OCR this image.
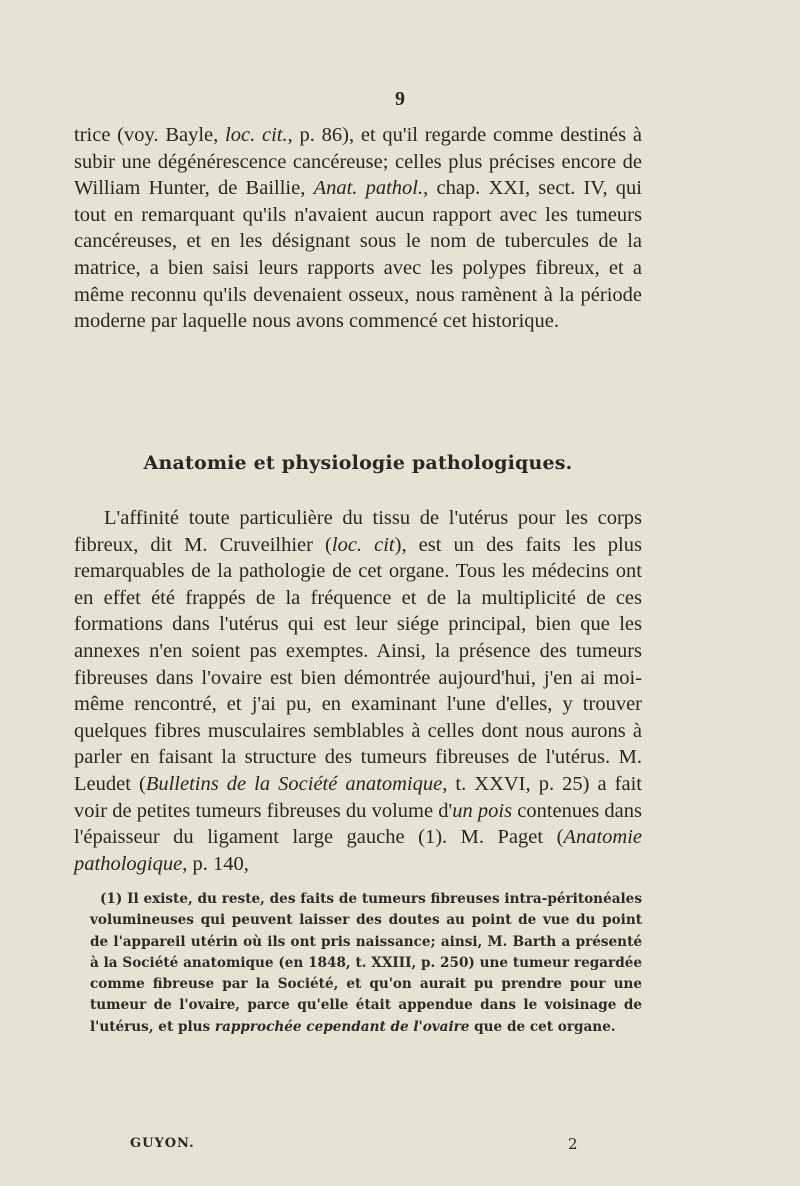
9

trice (voy. Bayle, loc. cit., p. 86), et qu'il regarde comme destinés à subir une dégénérescence cancéreuse; celles plus précises encore de William Hunter, de Baillie, Anat. pathol., chap. XXI, sect. IV, qui tout en remarquant qu'ils n'avaient aucun rapport avec les tumeurs cancéreuses, et en les désignant sous le nom de tubercules de la matrice, a bien saisi leurs rapports avec les polypes fibreux, et a même reconnu qu'ils devenaient osseux, nous ramènent à la période moderne par laquelle nous avons commencé cet historique.

Anatomie et physiologie pathologiques.

L'affinité toute particulière du tissu de l'utérus pour les corps fibreux, dit M. Cruveilhier (loc. cit), est un des faits les plus remarquables de la pathologie de cet organe. Tous les médecins ont en effet été frappés de la fréquence et de la multiplicité de ces formations dans l'utérus qui est leur siége principal, bien que les annexes n'en soient pas exemptes. Ainsi, la présence des tumeurs fibreuses dans l'ovaire est bien démontrée aujourd'hui, j'en ai moi-même rencontré, et j'ai pu, en examinant l'une d'elles, y trouver quelques fibres musculaires semblables à celles dont nous aurons à parler en faisant la structure des tumeurs fibreuses de l'utérus. M. Leudet (Bulletins de la Société anatomique, t. XXVI, p. 25) a fait voir de petites tumeurs fibreuses du volume d'un pois contenues dans l'épaisseur du ligament large gauche (1). M. Paget (Anatomie pathologique, p. 140,

(1) Il existe, du reste, des faits de tumeurs fibreuses intra-péritonéales volumineuses qui peuvent laisser des doutes au point de vue du point de l'appareil utérin où ils ont pris naissance; ainsi, M. Barth a présenté à la Société anatomique (en 1848, t. XXIII, p. 250) une tumeur regardée comme fibreuse par la Société, et qu'on aurait pu prendre pour une tumeur de l'ovaire, parce qu'elle était appendue dans le voisinage de l'utérus, et plus rapprochée cependant de l'ovaire que de cet organe.

GUYON.	2
